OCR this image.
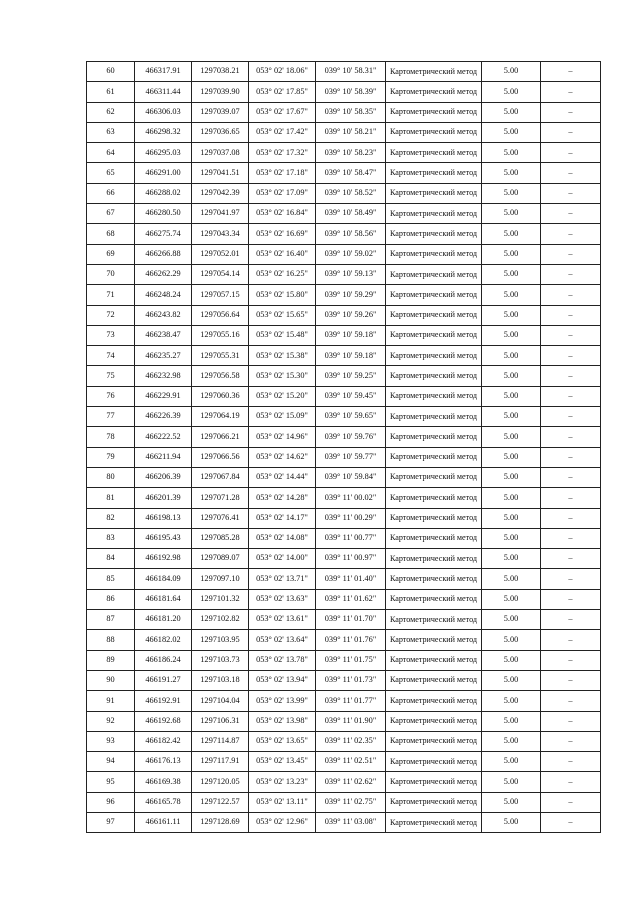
60	466317.91	1297038.21	053° 02' 18.06"	039° 10' 58.31"	Картометрический метод	5.00	–
61	466311.44	1297039.90	053° 02' 17.85"	039° 10' 58.39"	Картометрический метод	5.00	–
62	466306.03	1297039.07	053° 02' 17.67"	039° 10' 58.35"	Картометрический метод	5.00	–
63	466298.32	1297036.65	053° 02' 17.42"	039° 10' 58.21"	Картометрический метод	5.00	–
64	466295.03	1297037.08	053° 02' 17.32"	039° 10' 58.23"	Картометрический метод	5.00	–
65	466291.00	1297041.51	053° 02' 17.18"	039° 10' 58.47"	Картометрический метод	5.00	–
66	466288.02	1297042.39	053° 02' 17.09"	039° 10' 58.52"	Картометрический метод	5.00	–
67	466280.50	1297041.97	053° 02' 16.84"	039° 10' 58.49"	Картометрический метод	5.00	–
68	466275.74	1297043.34	053° 02' 16.69"	039° 10' 58.56"	Картометрический метод	5.00	–
69	466266.88	1297052.01	053° 02' 16.40"	039° 10' 59.02"	Картометрический метод	5.00	–
70	466262.29	1297054.14	053° 02' 16.25"	039° 10' 59.13"	Картометрический метод	5.00	–
71	466248.24	1297057.15	053° 02' 15.80"	039° 10' 59.29"	Картометрический метод	5.00	–
72	466243.82	1297056.64	053° 02' 15.65"	039° 10' 59.26"	Картометрический метод	5.00	–
73	466238.47	1297055.16	053° 02' 15.48"	039° 10' 59.18"	Картометрический метод	5.00	–
74	466235.27	1297055.31	053° 02' 15.38"	039° 10' 59.18"	Картометрический метод	5.00	–
75	466232.98	1297056.58	053° 02' 15.30"	039° 10' 59.25"	Картометрический метод	5.00	–
76	466229.91	1297060.36	053° 02' 15.20"	039° 10' 59.45"	Картометрический метод	5.00	–
77	466226.39	1297064.19	053° 02' 15.09"	039° 10' 59.65"	Картометрический метод	5.00	–
78	466222.52	1297066.21	053° 02' 14.96"	039° 10' 59.76"	Картометрический метод	5.00	–
79	466211.94	1297066.56	053° 02' 14.62"	039° 10' 59.77"	Картометрический метод	5.00	–
80	466206.39	1297067.84	053° 02' 14.44"	039° 10' 59.84"	Картометрический метод	5.00	–
81	466201.39	1297071.28	053° 02' 14.28"	039° 11' 00.02"	Картометрический метод	5.00	–
82	466198.13	1297076.41	053° 02' 14.17"	039° 11' 00.29"	Картометрический метод	5.00	–
83	466195.43	1297085.28	053° 02' 14.08"	039° 11' 00.77"	Картометрический метод	5.00	–
84	466192.98	1297089.07	053° 02' 14.00"	039° 11' 00.97"	Картометрический метод	5.00	–
85	466184.09	1297097.10	053° 02' 13.71"	039° 11' 01.40"	Картометрический метод	5.00	–
86	466181.64	1297101.32	053° 02' 13.63"	039° 11' 01.62"	Картометрический метод	5.00	–
87	466181.20	1297102.82	053° 02' 13.61"	039° 11' 01.70"	Картометрический метод	5.00	–
88	466182.02	1297103.95	053° 02' 13.64"	039° 11' 01.76"	Картометрический метод	5.00	–
89	466186.24	1297103.73	053° 02' 13.78"	039° 11' 01.75"	Картометрический метод	5.00	–
90	466191.27	1297103.18	053° 02' 13.94"	039° 11' 01.73"	Картометрический метод	5.00	–
91	466192.91	1297104.04	053° 02' 13.99"	039° 11' 01.77"	Картометрический метод	5.00	–
92	466192.68	1297106.31	053° 02' 13.98"	039° 11' 01.90"	Картометрический метод	5.00	–
93	466182.42	1297114.87	053° 02' 13.65"	039° 11' 02.35"	Картометрический метод	5.00	–
94	466176.13	1297117.91	053° 02' 13.45"	039° 11' 02.51"	Картометрический метод	5.00	–
95	466169.38	1297120.05	053° 02' 13.23"	039° 11' 02.62"	Картометрический метод	5.00	–
96	466165.78	1297122.57	053° 02' 13.11"	039° 11' 02.75"	Картометрический метод	5.00	–
97	466161.11	1297128.69	053° 02' 12.96"	039° 11' 03.08"	Картометрический метод	5.00	–
